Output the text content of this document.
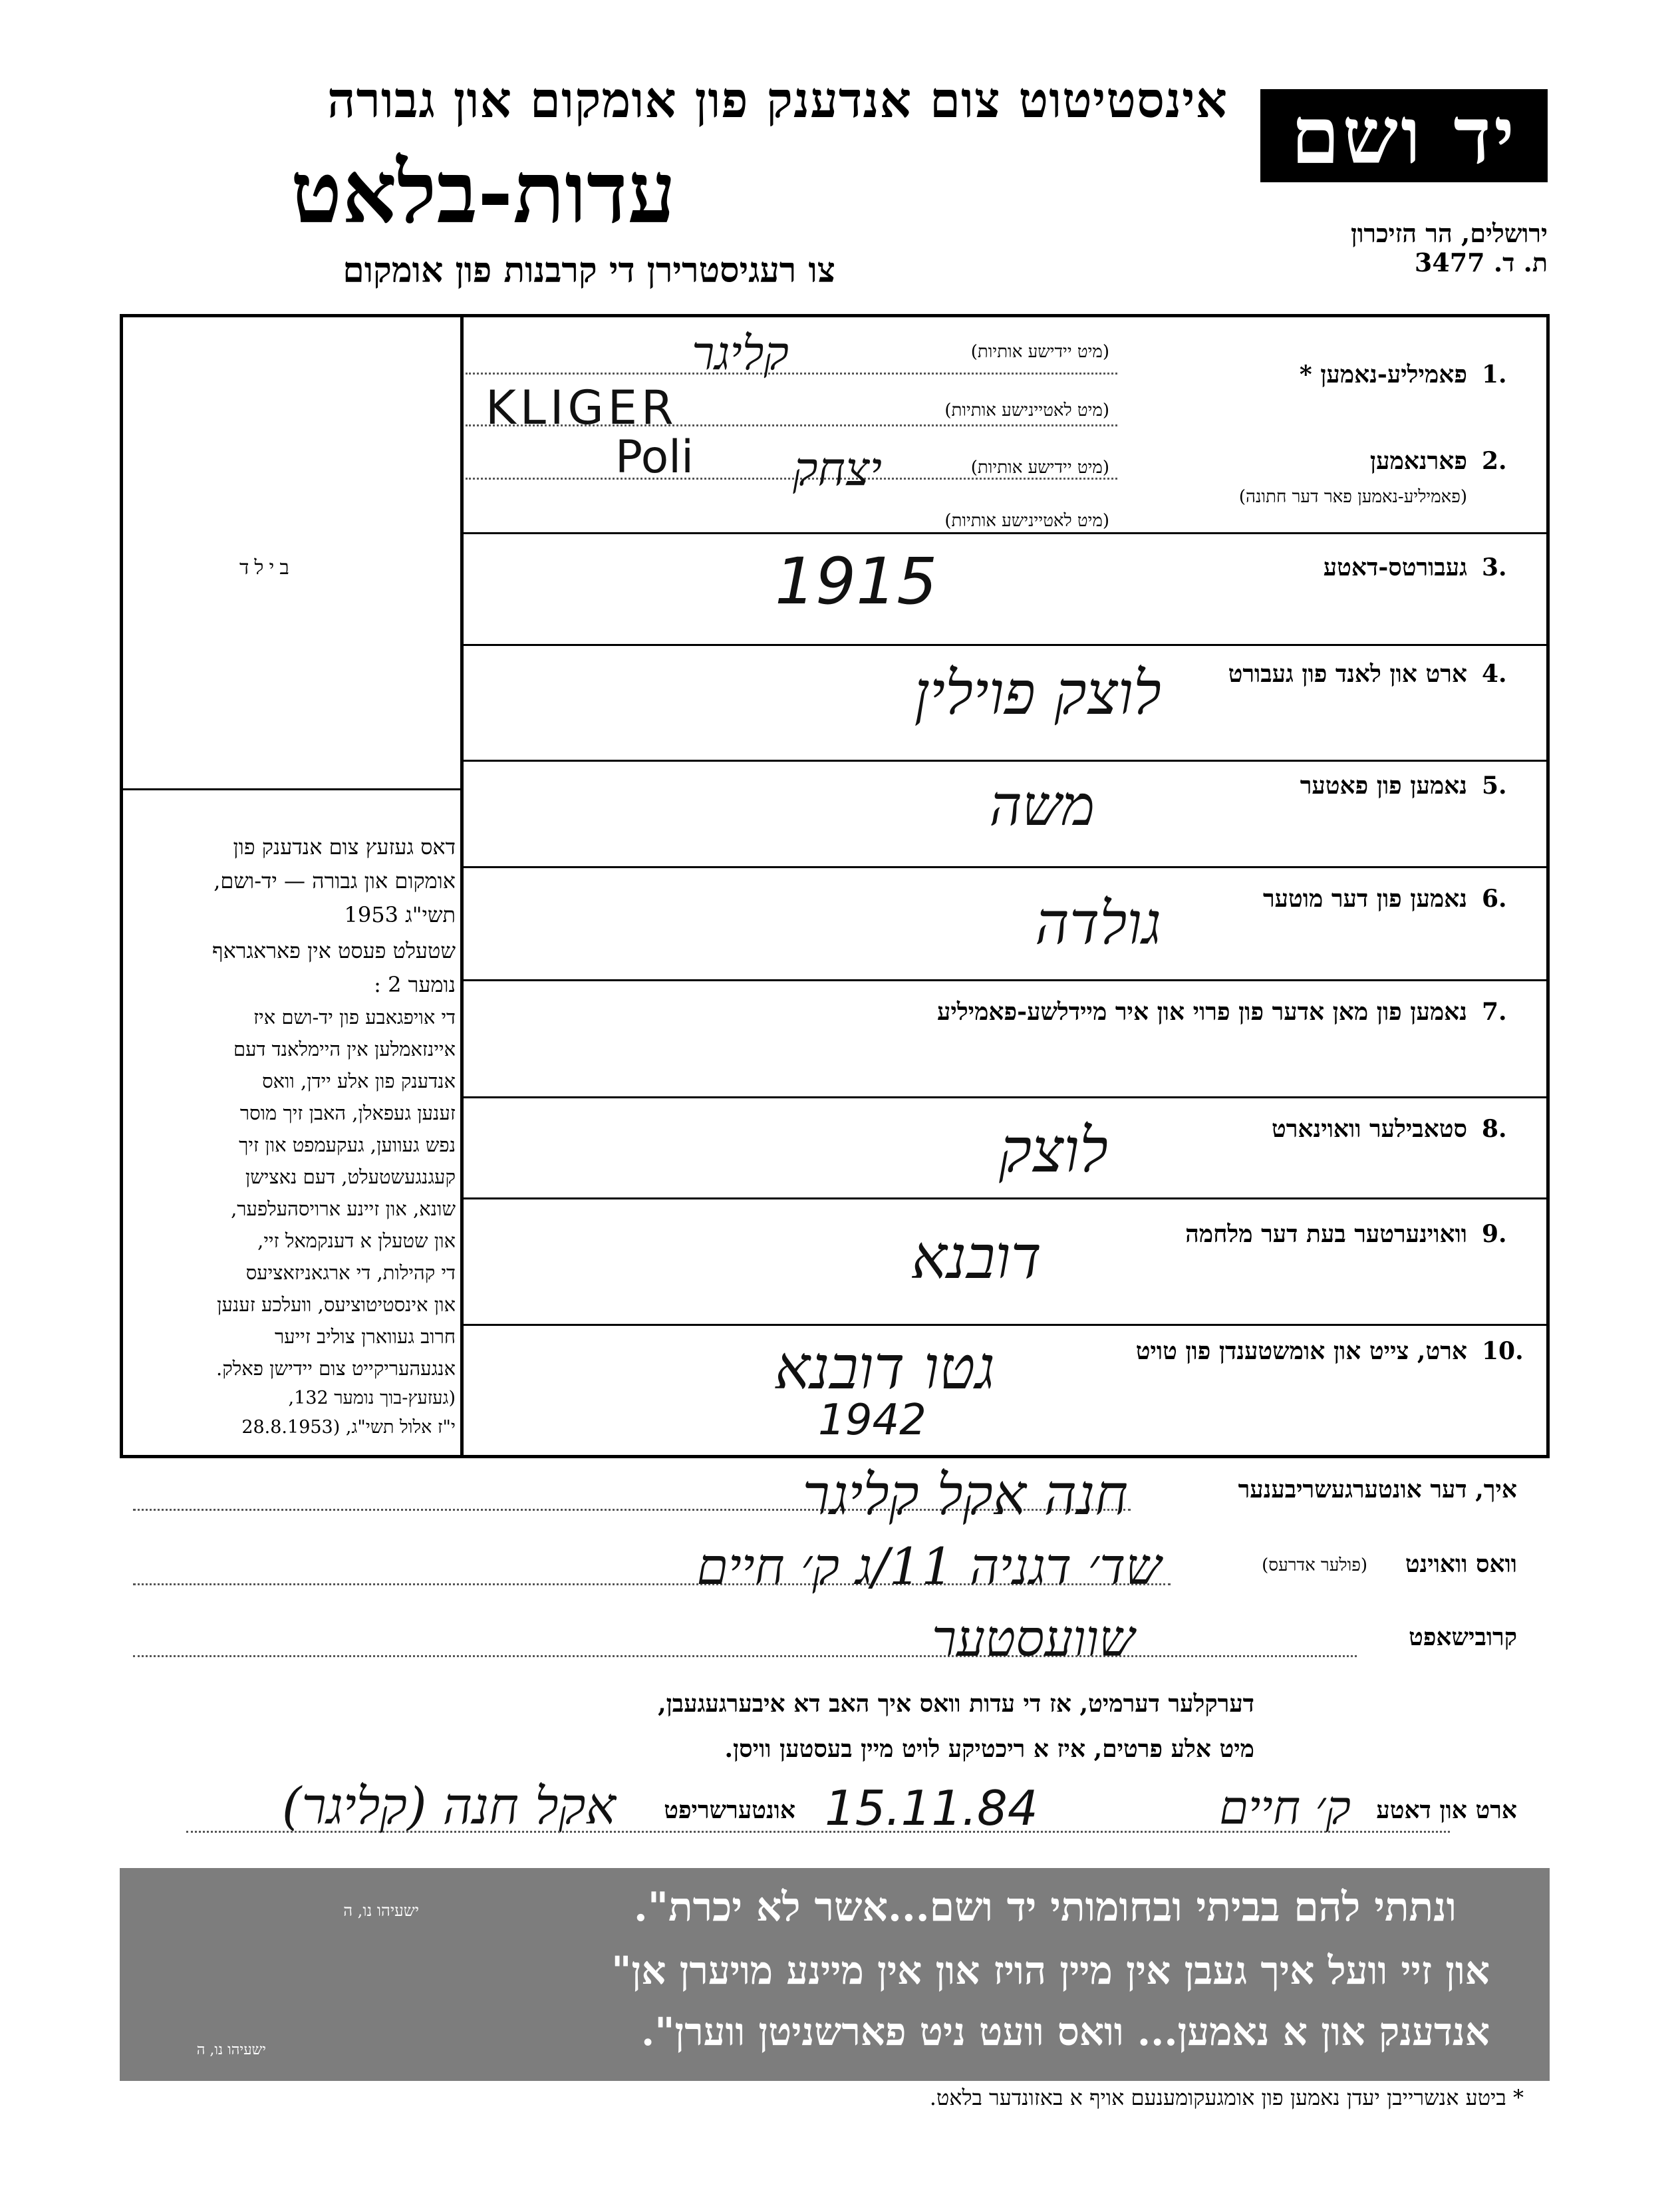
יד ושם
ירושלים, הר הזיכרון
ת. ד. 3477
אינסטיטוט צום אנדענק פון אומקום און גבורה
עדות-בלאט
צו רעגיסטרירן די קרבנות פון אומקום
בילד
דאס געזעץ צום אנדענק פון
אומקום און גבורה — יד-ושם,
תשי"ג 1953
שטעלט פעסט אין פאראגראף
נומער 2 :
די אויפגאבע פון יד-ושם איז
איינזאמלען אין היימלאנד דעם
אנדענק פון אלע יידן, וואס
זענען געפאלן, האבן זיך מוסר
נפש געווען, געקעמפט און זיך
קעגנגעשטעלט, דעם נאצישן
שונא, און זיינע ארויסהעלפער,
און שטעלן א דענקמאל זיי,
די קהילות, די ארגאניזאציעס
און אינסטיטוציעס, וועלכע זענען
חרוב געווארן צוליב זייער
אנגעהעריקייט צום יידישן פאלק.
(געזעץ-בוך נומער 132,
י"ז אלול תשי"ג, (28.8.1953
1.
פאמיליע-נאמען *
(מיט יידישע אותיות)
(מיט לאטיינישע אותיות)
קליגר
KLIGER
2.
פארנאמען
(פאמיליע-נאמען פאר דער חתונה)
(מיט יידישע אותיות)
(מיט לאטיינישע אותיות)
יצחק
Poli
3.
געבורטס-דאטע
1915
4.
ארט און לאנד פון געבורט
לוצק פוילין
5.
נאמען פון פאטער
משה
6.
נאמען פון דער מוטער
גולדה
7.
נאמען פון מאן אדער פון פרוי און איר מיידלשע-פאמיליע
8.
סטאבילער וואוינארט
לוצק
9.
וואוינערטער בעת דער מלחמה
דובנא
10.
ארט, צייט און אומשטענדן פון טויט
גטו דובנא
1942
איך, דער אונטערגעשריבענער
חנה אקל קליגר
וואס וואוינט
(פולער אדרעס)
שד׳ דגניה 11/ג ק׳ חיים
קרובישאפט
שוועסטער
דערקלער דערמיט, אז די עדות וואס איך האב דא איבערגעגעבן,
מיט אלע פרטים, איז א ריכטיקע לויט מיין בעסטען וויסן.
ארט און דאטע
ק׳ חיים
15.11.84
אונטערשריפט
אקל חנה (קליגר)
ונתתי להם בביתי ובחומותי יד ושם...אשר לא יכרת".
ישעיהו נו, ה
און זיי וועל איך געבן אין מיין הויז און אין מיינע מויערן אן"
אנדענק און א נאמען... וואס וועט ניט פארשניטן ווערן".
ישעיהו נו, ה
* ביטע אנשרייבן יעדן נאמען פון אומגעקומענעם אויף א באזונדער בלאט.
